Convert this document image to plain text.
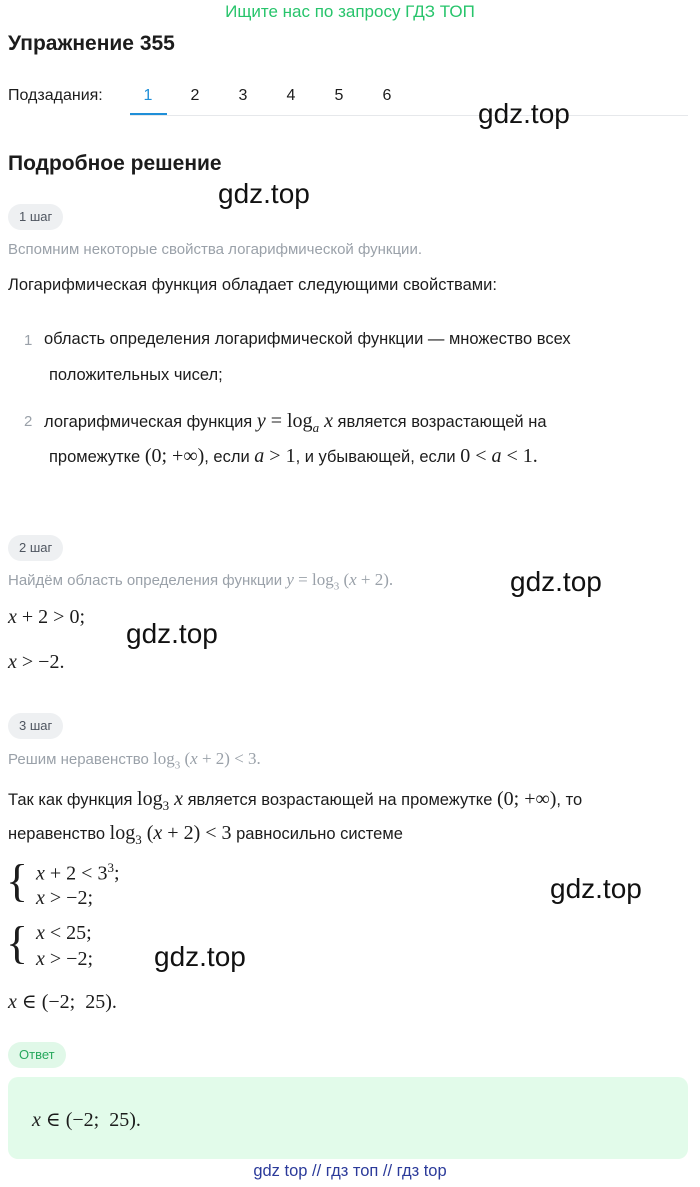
Ищите нас по запросу ГДЗ ТОП
Упражнение 355
Подзадания:	1	2	3	4	5	6
gdz.top
Подробное решение
gdz.top
1 шаг
Вспомним некоторые свойства логарифмической функции.
Логарифмическая функция обладает следующими свойствами:
1 область определения логарифмической функции — множество всех
положительных чисел;
2 логарифмическая функция $y = \log_a x$ является возрастающей на
промежутке (0; +∞), если a > 1, и убывающей, если 0 < a < 1.
2 шаг
Найдём область определения функции $y = \log_3 (x + 2)$.	gdz.top
x + 2 > 0;
gdz.top
x > −2.
3 шаг
Решим неравенство $\log_3 (x + 2) < 3$.
Так как функция $\log_3 x$ является возрастающей на промежутке (0; +∞), то
неравенство $\log_3 (x + 2) < 3$ равносильно системе
{ $x + 2 < 3^3$;
x > −2;	gdz.top
{ x < 25;
x > −2; gdz.top
x ∈ (−2;  25).
Ответ
x ∈ (−2;  25).
gdz top // гдз топ // гдз top
